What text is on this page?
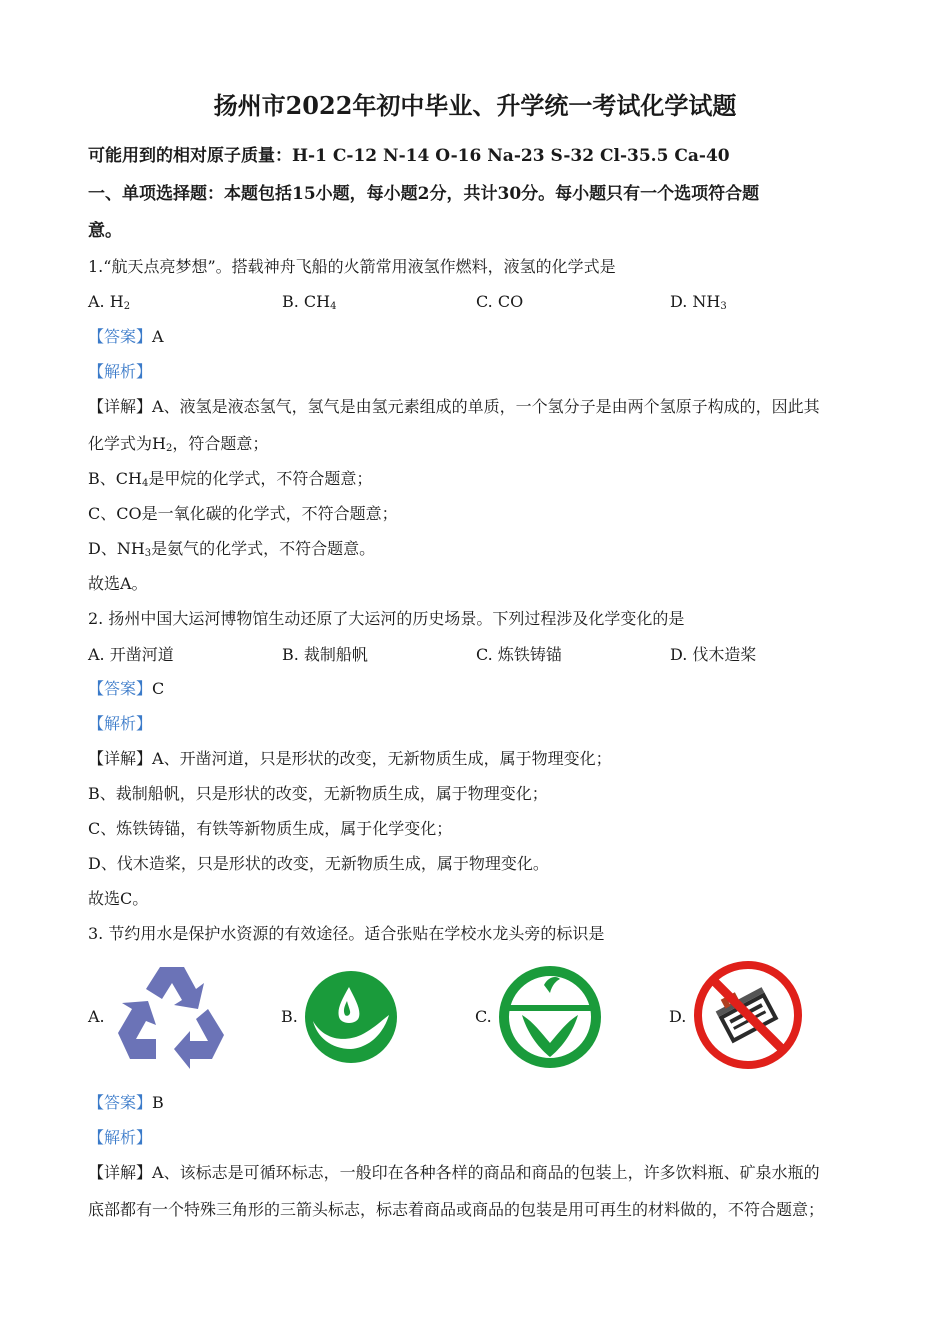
扬州市2022年初中毕业、升学统一考试化学试题
可能用到的相对原子质量：H-1 C-12 N-14 O-16 Na-23 S-32 Cl-35.5 Ca-40
一、单项选择题：本题包括15小题，每小题2分，共计30分。每小题只有一个选项符合题
意。
1.“航天点亮梦想”。搭载神舟飞船的火箭常用液氢作燃料，液氢的化学式是
A. $H_2$	B. $CH_4$	C. CO	D. $NH_3$
【答案】A
【解析】
【详解】A、液氢是液态氢气，氢气是由氢元素组成的单质，一个氢分子是由两个氢原子构成的，因此其
化学式为$H_2$，符合题意；
B、$CH_4$是甲烷的化学式，不符合题意；
C、CO是一氧化碳的化学式，不符合题意；
D、$NH_3$是氨气的化学式，不符合题意。
故选A。
2. 扬州中国大运河博物馆生动还原了大运河的历史场景。下列过程涉及化学变化的是
A. 开凿河道	B. 裁制船帆	C. 炼铁铸锚	D. 伐木造桨
【答案】C
【解析】
【详解】A、开凿河道，只是形状的改变，无新物质生成，属于物理变化；
B、裁制船帆，只是形状的改变，无新物质生成，属于物理变化；
C、炼铁铸锚，有铁等新物质生成，属于化学变化；
D、伐木造桨，只是形状的改变，无新物质生成，属于物理变化。
故选C。
3. 节约用水是保护水资源的有效途径。适合张贴在学校水龙头旁的标识是
A.	B.	C.	D.
【答案】B
【解析】
【详解】A、该标志是可循环标志，一般印在各种各样的商品和商品的包装上，许多饮料瓶、矿泉水瓶的
底部都有一个特殊三角形的三箭头标志，标志着商品或商品的包装是用可再生的材料做的，不符合题意；
